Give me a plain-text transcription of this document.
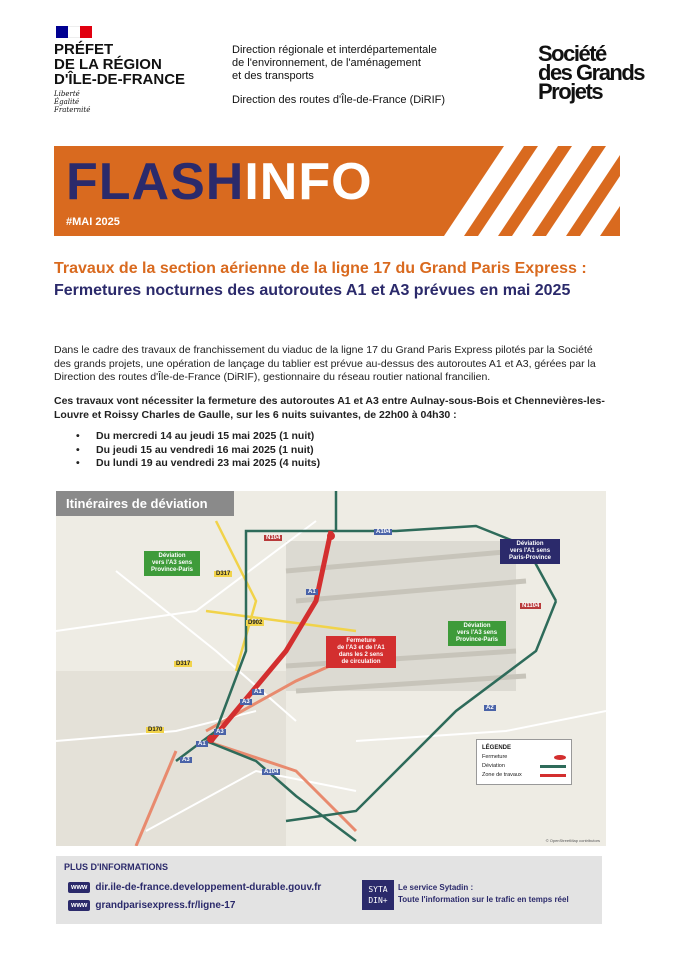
PRÉFET
DE LA RÉGION
D'ÎLE-DE-FRANCE
Liberté
Égalité
Fraternité
Direction régionale et interdépartementale
de l'environnement, de l'aménagement
et des transports
Direction des routes d'Île-de-France (DiRIF)
Société
des Grands
Projets
FLASHINFO
#MAI 2025
Travaux de la section aérienne de la ligne 17 du Grand Paris Express : Fermetures nocturnes des autoroutes A1 et A3 prévues en mai 2025
Dans le cadre des travaux de franchissement du viaduc de la ligne 17 du Grand Paris Express pilotés par la Société des grands projets, une opération de lançage du tablier est prévue au-dessus des autoroutes A1 et A3, gérées par la Direction des routes d'Île-de-France (DiRIF), gestionnaire du réseau routier national francilien.
Ces travaux vont nécessiter la fermeture des autoroutes A1 et A3 entre Aulnay-sous-Bois et Chennevières-les-Louvre et Roissy Charles de Gaulle, sur les 6 nuits suivantes, de 22h00 à 04h30 :
• Du mercredi 14 au jeudi 15 mai 2025 (1 nuit)
• Du jeudi 15 au vendredi 16 mai 2025 (1 nuit)
• Du lundi 19 au vendredi 23 mai 2025 (4 nuits)
Itinéraires de déviation
Déviation
vers l'A3 sens
Province-Paris
Fermeture
de l'A3 et de l'A1
dans les 2 sens
de circulation
Déviation
vers l'A1 sens
Paris-Province
Déviation
vers l'A3 sens
Province-Paris
N104
A104
D317
A1
N1104
D902
D317
A1
A3
A3
A1
D170
A3
A104
A2
LÉGENDE
Fermeture
Déviation
Zone de travaux
© OpenStreetMap contributors
PLUS D'INFORMATIONS
www dir.ile-de-france.developpement-durable.gouv.fr
www grandparisexpress.fr/ligne-17
SYTA
DIN+
Le service Sytadin :
Toute l'information sur le trafic en temps réel
